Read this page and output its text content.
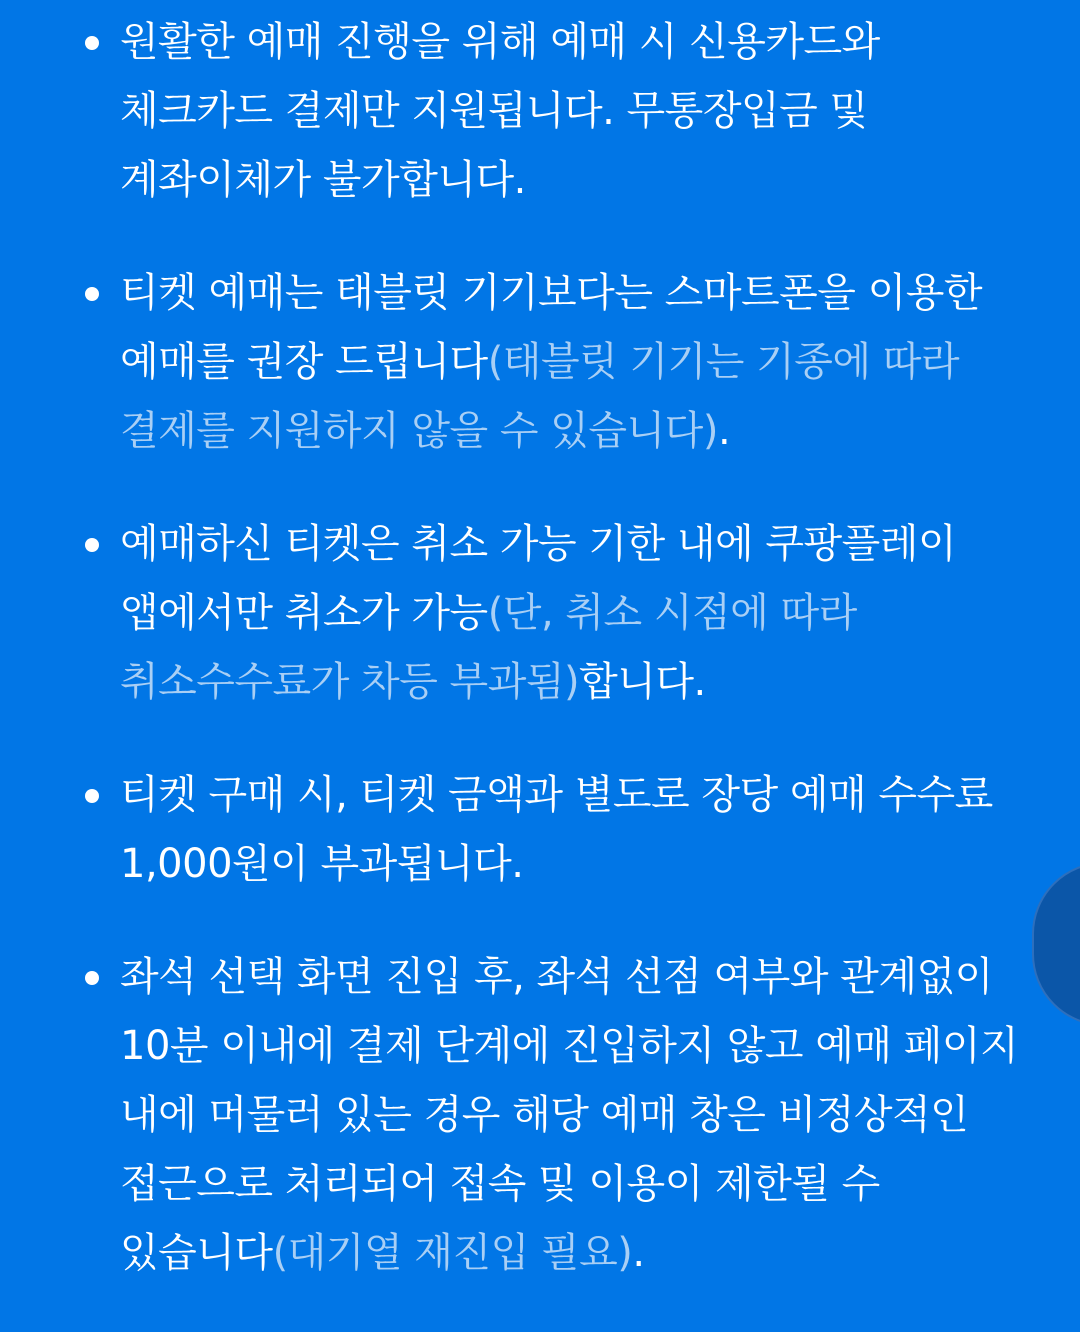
원활한 예매 진행을 위해 예매 시 신용카드와
체크카드 결제만 지원됩니다. 무통장입금 및
계좌이체가 불가합니다.
티켓 예매는 태블릿 기기보다는 스마트폰을 이용한
예매를 권장 드립니다(태블릿 기기는 기종에 따라
결제를 지원하지 않을 수 있습니다).
예매하신 티켓은 취소 가능 기한 내에 쿠팡플레이
앱에서만 취소가 가능(단, 취소 시점에 따라
취소수수료가 차등 부과됨)합니다.
티켓 구매 시, 티켓 금액과 별도로 장당 예매 수수료
1,000원이 부과됩니다.
좌석 선택 화면 진입 후, 좌석 선점 여부와 관계없이
10분 이내에 결제 단계에 진입하지 않고 예매 페이지
내에 머물러 있는 경우 해당 예매 창은 비정상적인
접근으로 처리되어 접속 및 이용이 제한될 수
있습니다(대기열 재진입 필요).
